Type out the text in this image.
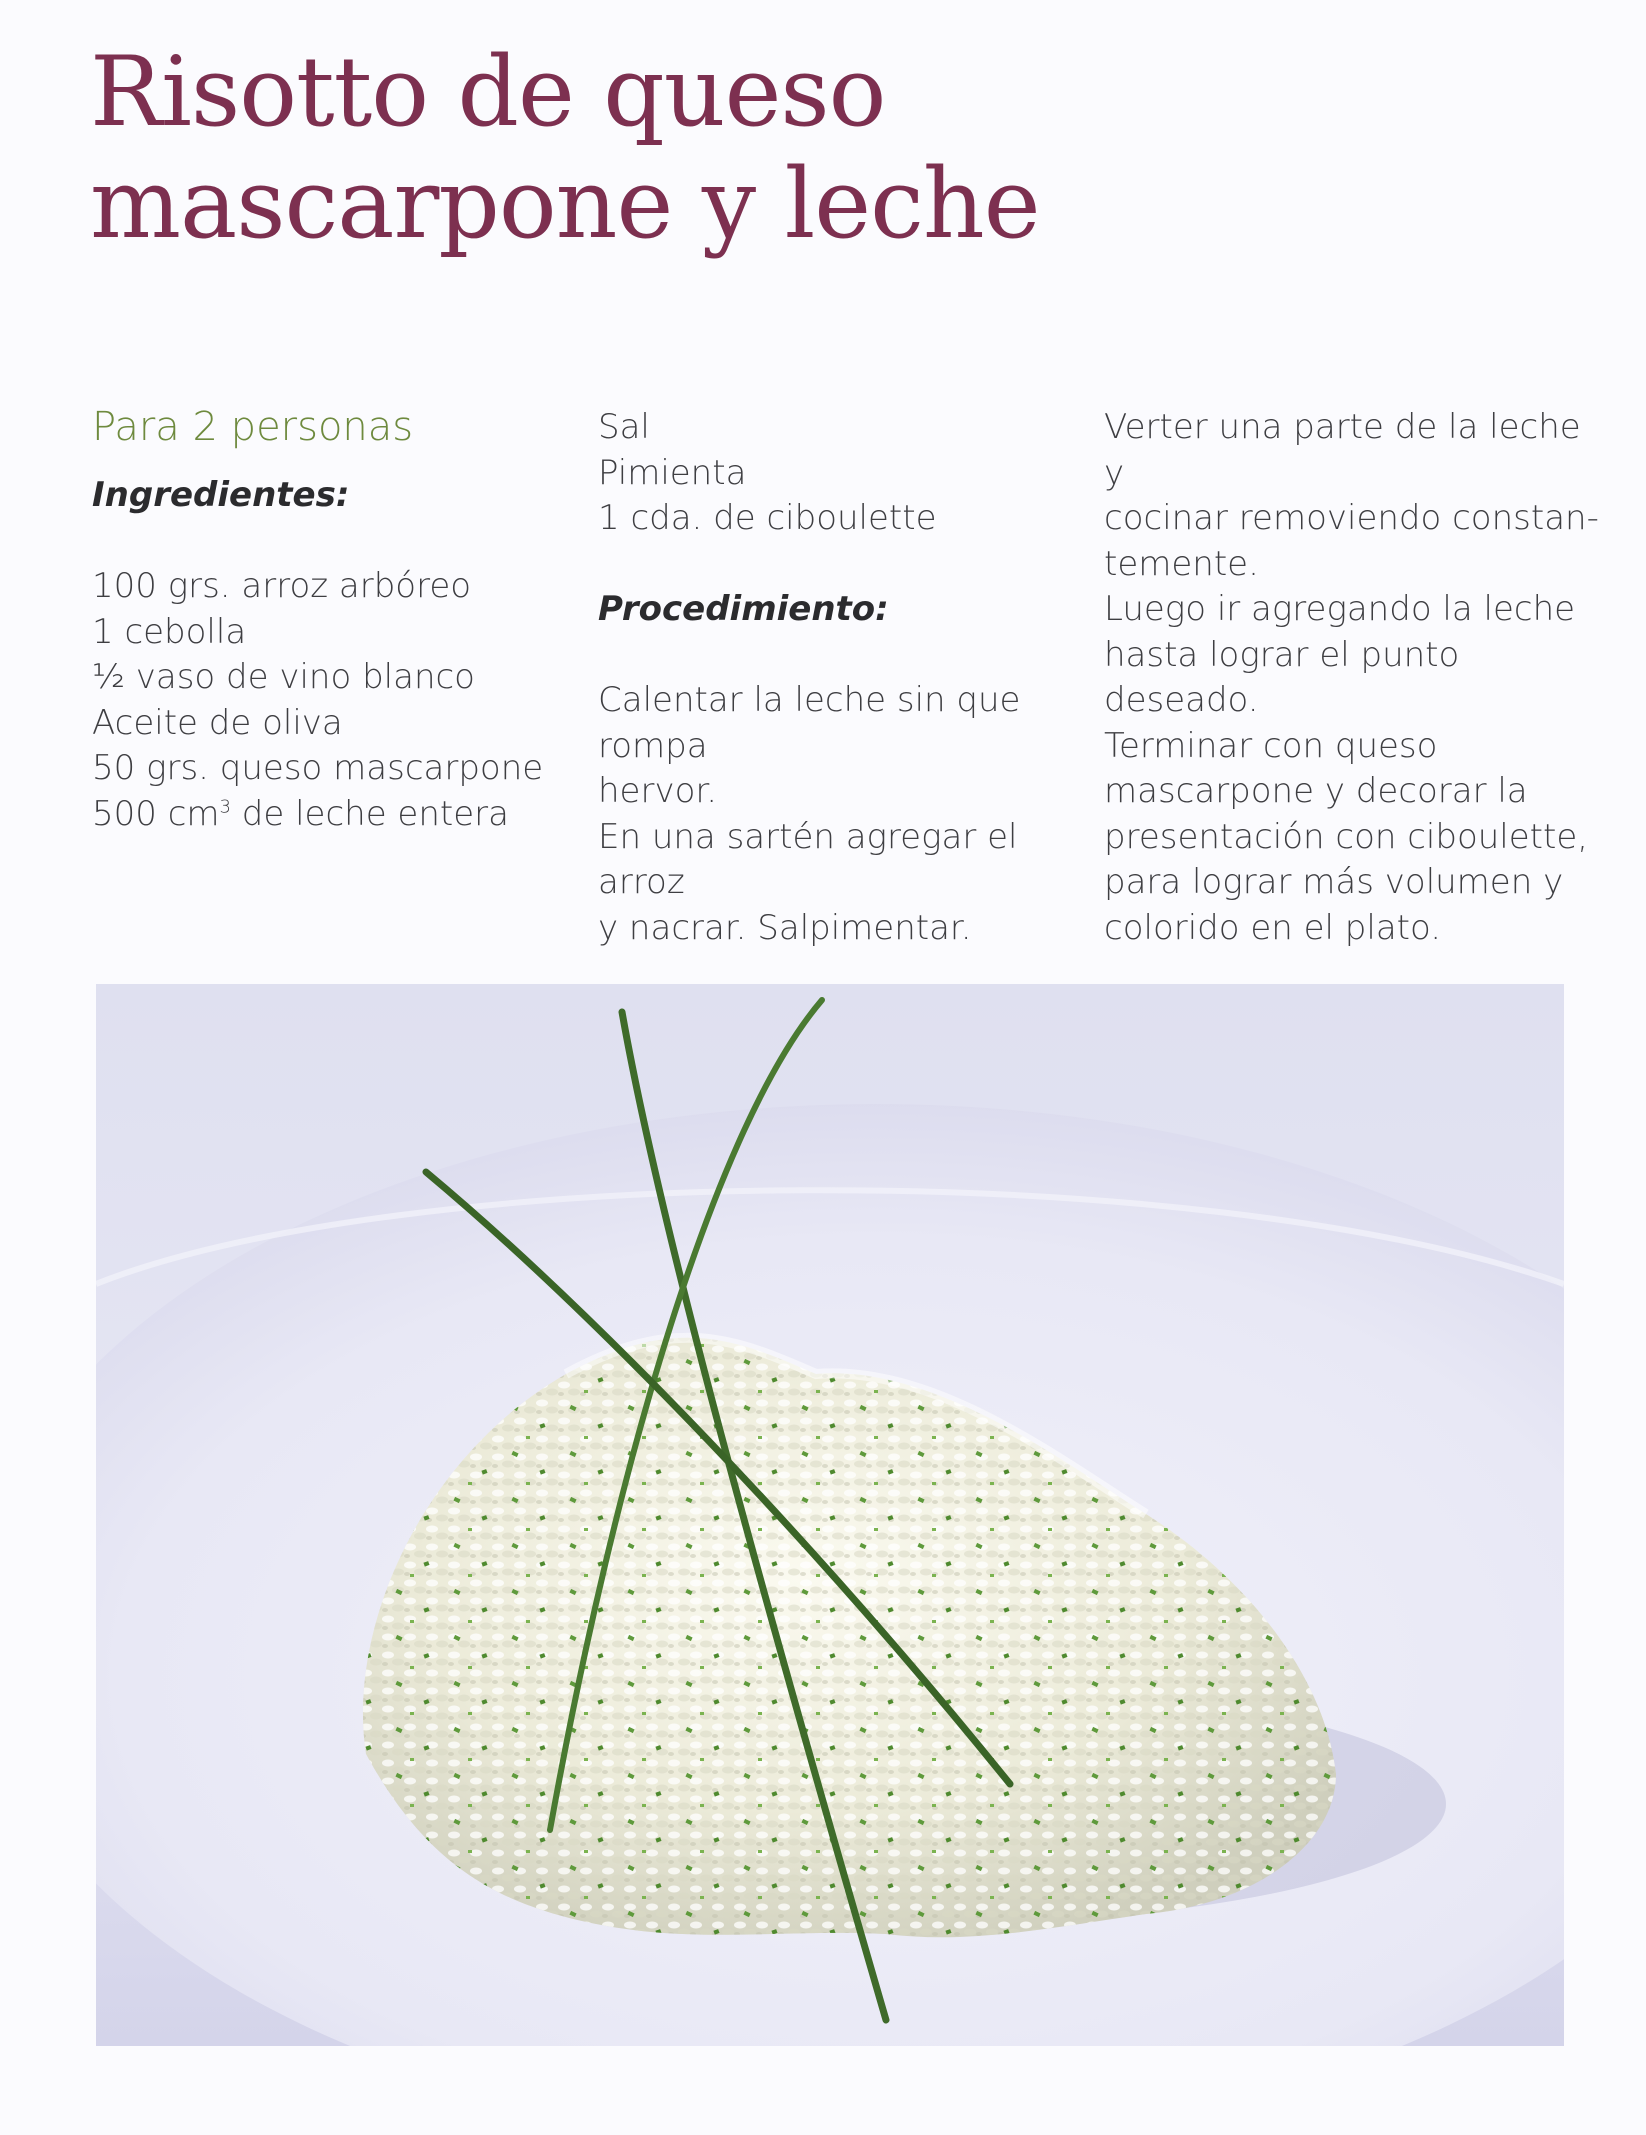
Risotto de queso
mascarpone y leche
Para 2 personas

Ingredientes:

100 grs. arroz arbóreo
1 cebolla
½ vaso de vino blanco
Aceite de oliva
50 grs. queso mascarpone
500 $cm^3$ de leche entera
Sal
Pimienta
1 cda. de ciboulette

Procedimiento:

Calentar la leche sin que rompa
hervor.
En una sartén agregar el arroz
y nacrar. Salpimentar.

Verter una parte de la leche y
cocinar removiendo constan-
temente.
Luego ir agregando la leche
hasta lograr el punto deseado.
Terminar con queso
mascarpone y decorar la
presentación con ciboulette,
para lograr más volumen y
colorido en el plato.
